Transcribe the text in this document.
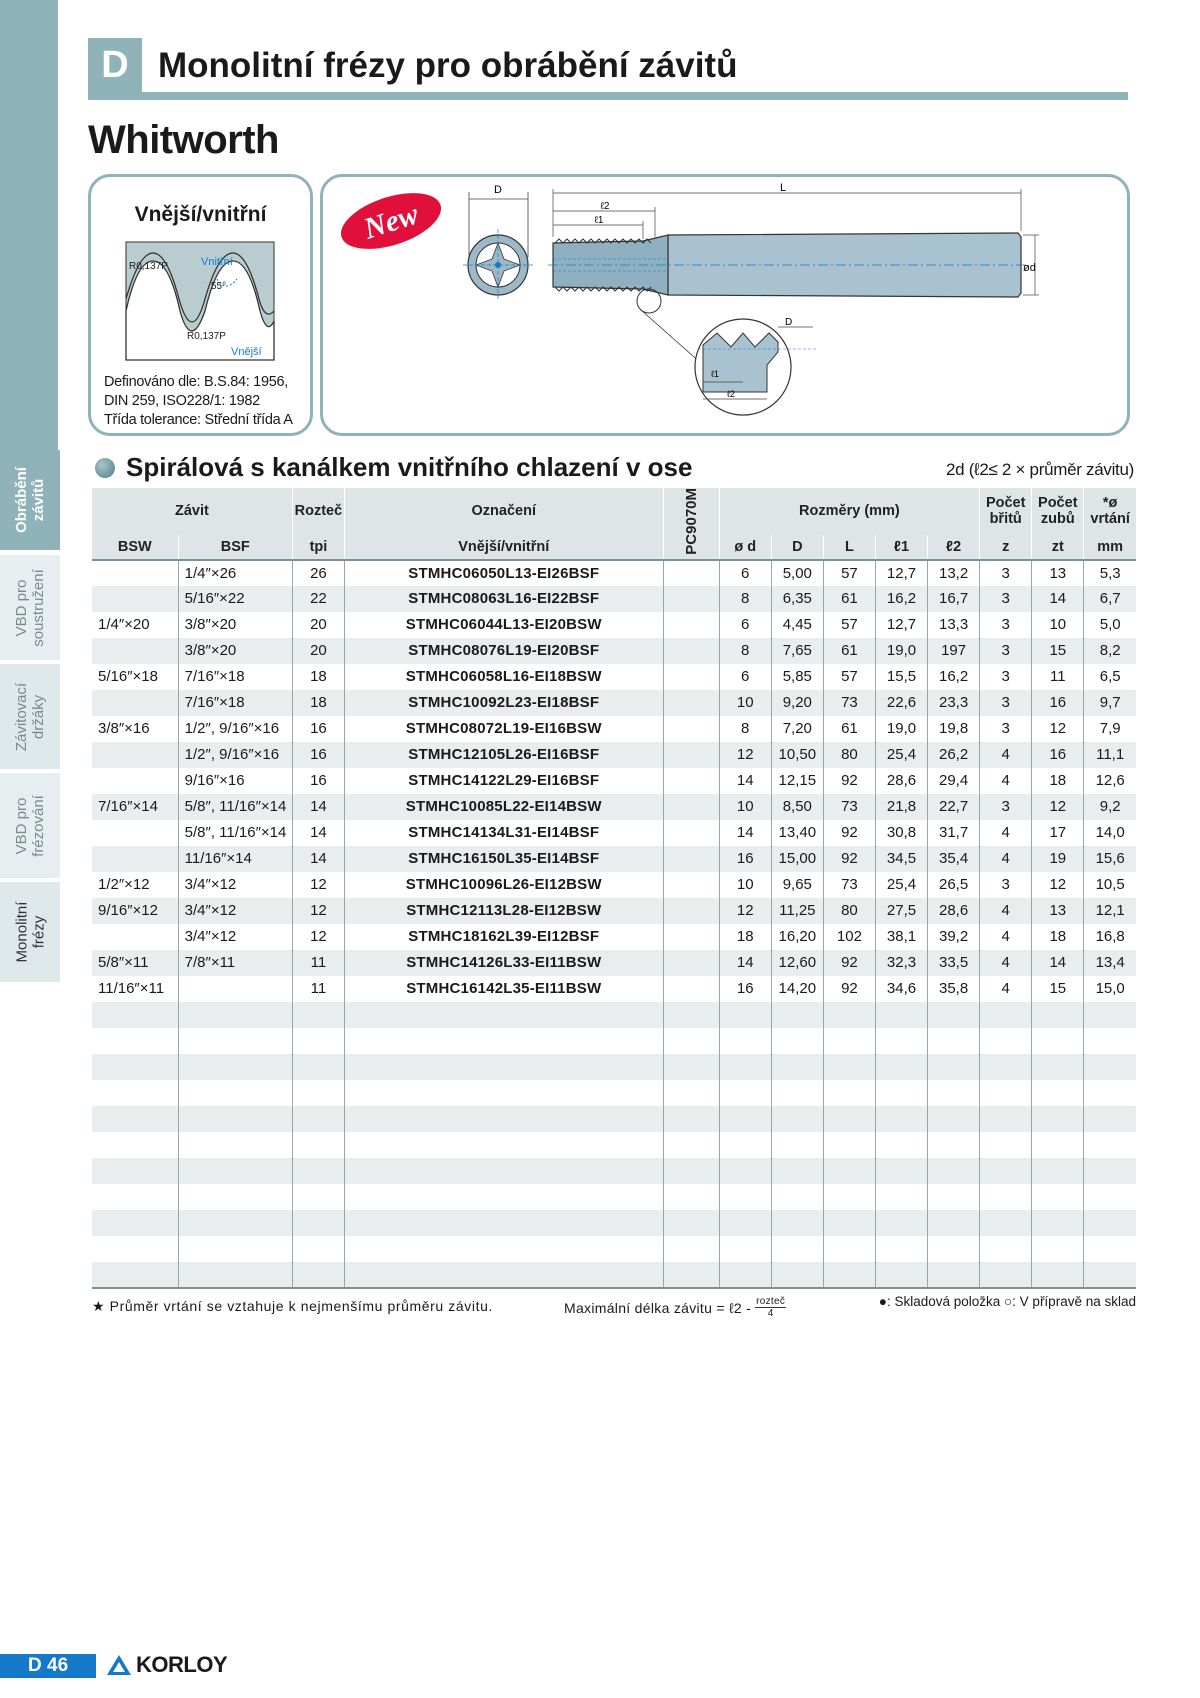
Obrábění
závitů
VBD pro
soustružení
Závitovací
držáky
VBD pro
frézování
Monolitní
frézy
D Monolitní frézy pro obrábění závitů
Whitworth
Vnější/vnitřní
R0,137P	Vnitřní
55°
R0,137P
Vnější
Definováno dle: B.S.84: 1956,
DIN 259, ISO228/1: 1982
Třída tolerance: Střední třída A
New
D	L
ℓ2
ℓ1
ød
D
ℓ1
ℓ2
Spirálová s kanálkem vnitřního chlazení v ose	2d (ℓ2≤ 2 × průměr závitu)
Závit		Rozteč	Označení	PC9070M	Rozměry (mm)					Počet břitů	Počet zubů	*ø vrtání
BSW	BSF	tpi	Vnější/vnitřní		ø d	D	L	ℓ1	ℓ2	z	zt	mm
	1/4″×26	26	STMHC06050L13-EI26BSF		6	5,00	57	12,7	13,2	3	13	5,3
	5/16″×22	22	STMHC08063L16-EI22BSF		8	6,35	61	16,2	16,7	3	14	6,7
1/4″×20	3/8″×20	20	STMHC06044L13-EI20BSW		6	4,45	57	12,7	13,3	3	10	5,0
	3/8″×20	20	STMHC08076L19-EI20BSF		8	7,65	61	19,0	197	3	15	8,2
5/16″×18	7/16″×18	18	STMHC06058L16-EI18BSW		6	5,85	57	15,5	16,2	3	11	6,5
	7/16″×18	18	STMHC10092L23-EI18BSF		10	9,20	73	22,6	23,3	3	16	9,7
3/8″×16	1/2″, 9/16″×16	16	STMHC08072L19-EI16BSW		8	7,20	61	19,0	19,8	3	12	7,9
	1/2″, 9/16″×16	16	STMHC12105L26-EI16BSF		12	10,50	80	25,4	26,2	4	16	11,1
	9/16″×16	16	STMHC14122L29-EI16BSF		14	12,15	92	28,6	29,4	4	18	12,6
7/16″×14	5/8″, 11/16″×14	14	STMHC10085L22-EI14BSW		10	8,50	73	21,8	22,7	3	12	9,2
	5/8″, 11/16″×14	14	STMHC14134L31-EI14BSF		14	13,40	92	30,8	31,7	4	17	14,0
	11/16″×14	14	STMHC16150L35-EI14BSF		16	15,00	92	34,5	35,4	4	19	15,6
1/2″×12	3/4″×12	12	STMHC10096L26-EI12BSW		10	9,65	73	25,4	26,5	3	12	10,5
9/16″×12	3/4″×12	12	STMHC12113L28-EI12BSW		12	11,25	80	27,5	28,6	4	13	12,1
	3/4″×12	12	STMHC18162L39-EI12BSF		18	16,20	102	38,1	39,2	4	18	16,8
5/8″×11	7/8″×11	11	STMHC14126L33-EI11BSW		14	12,60	92	32,3	33,5	4	14	13,4
11/16″×11		11	STMHC16142L35-EI11BSW		16	14,20	92	34,6	35,8	4	15	15,0

★ Průměr vrtání se vztahuje k nejmenšímu průměru závitu.	Maximální délka závitu = ℓ2 - $\frac{\text{rozteč}}{4}$	●: Skladová položka ○: V přípravě na sklad
D 46	KORLOY
